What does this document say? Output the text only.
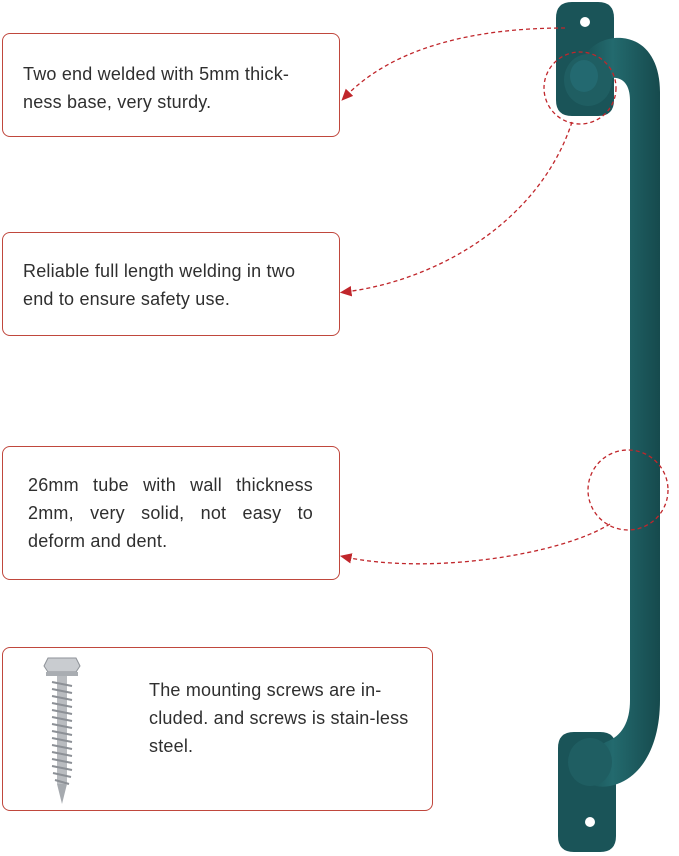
Two end welded with 5mm thick-ness base, very sturdy.
Reliable full length welding in two end to ensure safety use.
26mm tube with wall thickness 2mm, very solid, not easy to deform and dent.
The mounting screws are in-cluded. and screws is stain-less steel.
